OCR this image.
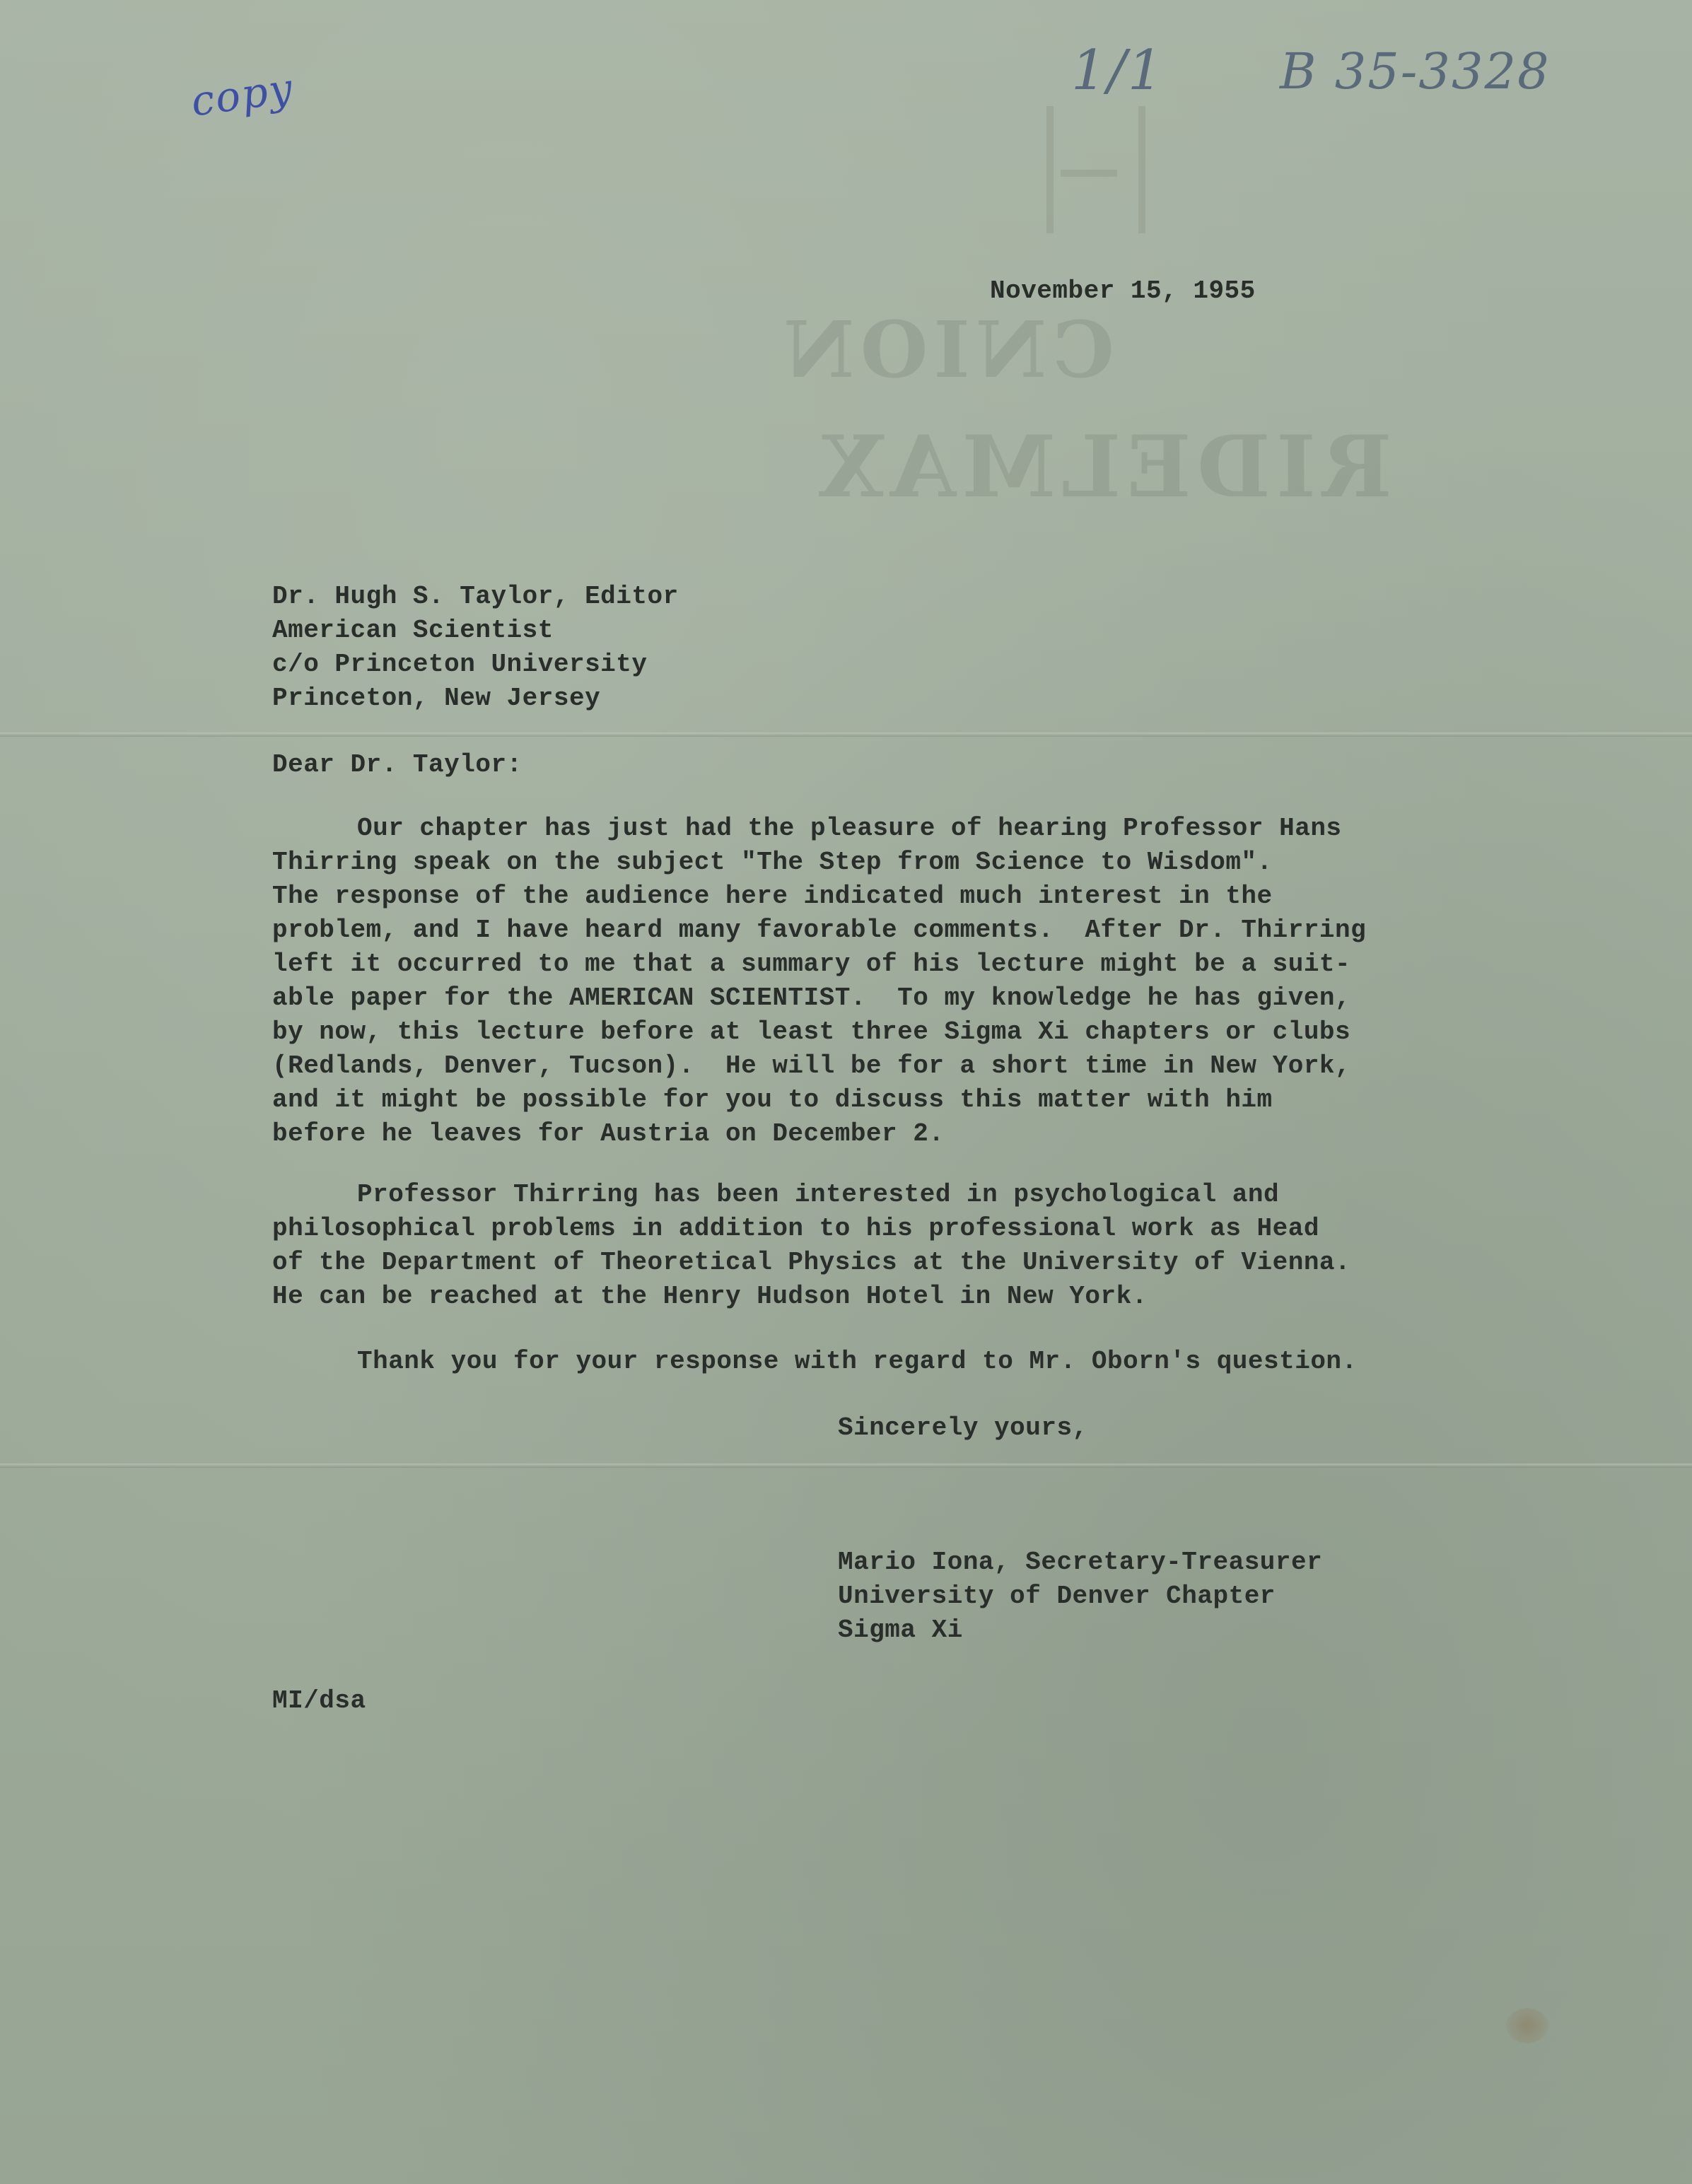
CNION
RIDELMAX
copy	1/1 B 35-3328
November 15, 1955
Dr. Hugh S. Taylor, Editor
American Scientist
c/o Princeton University
Princeton, New Jersey
Dear Dr. Taylor:
Our chapter has just had the pleasure of hearing Professor Hans
Thirring speak on the subject "The Step from Science to Wisdom".
The response of the audience here indicated much interest in the
problem, and I have heard many favorable comments.  After Dr. Thirring
left it occurred to me that a summary of his lecture might be a suit-
able paper for the AMERICAN SCIENTIST.  To my knowledge he has given,
by now, this lecture before at least three Sigma Xi chapters or clubs
(Redlands, Denver, Tucson).  He will be for a short time in New York,
and it might be possible for you to discuss this matter with him
before he leaves for Austria on December 2.
Professor Thirring has been interested in psychological and
philosophical problems in addition to his professional work as Head
of the Department of Theoretical Physics at the University of Vienna.
He can be reached at the Henry Hudson Hotel in New York.
Thank you for your response with regard to Mr. Oborn's question.
Sincerely yours,
Mario Iona, Secretary-Treasurer
University of Denver Chapter
Sigma Xi
MI/dsa
